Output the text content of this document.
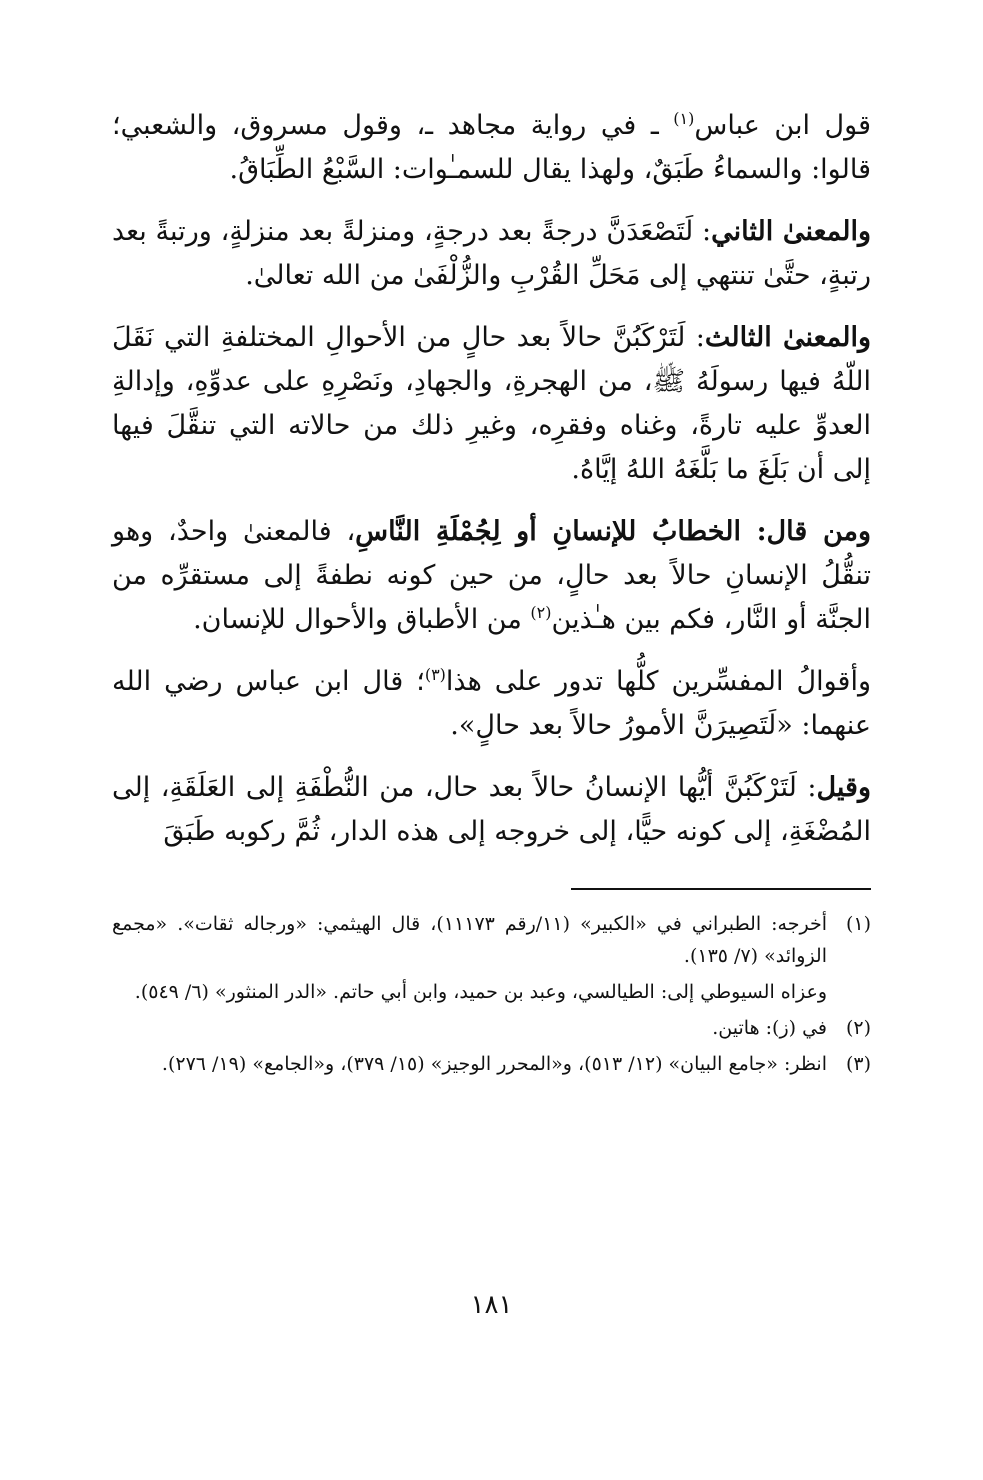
قول ابن عباس$^{(١)}$ ـ في رواية مجاهد ـ، وقول مسروق، والشعبي؛ قالوا: والسماءُ طَبَقٌ، ولهذا يقال للسمـٰوات: السَّبْعُ الطِّبَاقُ.

والمعنىٰ الثاني: لَتَصْعَدَنَّ درجةً بعد درجةٍ، ومنزلةً بعد منزلةٍ، ورتبةً بعد رتبةٍ، حتَّىٰ تنتهي إلى مَحَلِّ القُرْبِ والزُّلْفَىٰ من الله تعالىٰ.

والمعنىٰ الثالث: لَتَرْكَبُنَّ حالاً بعد حالٍ من الأحوالِ المختلفةِ التي نَقَلَ اللّهُ فيها رسولَهُ ﷺ، من الهجرةِ، والجهادِ، ونَصْرِهِ على عدوِّهِ، وإدالةِ العدوِّ عليه تارةً، وغناه وفقرِه، وغيرِ ذلك من حالاته التي تنقَّلَ فيها إلى أن بَلَغَ ما بَلَّغَهُ اللهُ إيَّاهُ.

ومن قال: الخطابُ للإنسانِ أو لِجُمْلَةِ النَّاسِ، فالمعنىٰ واحدٌ، وهو تنقُّلُ الإنسانِ حالاً بعد حالٍ، من حين كونه نطفةً إلى مستقرِّه من الجنَّة أو النَّار، فكم بين هـٰذين$^{(٢)}$ من الأطباق والأحوال للإنسان.

وأقوالُ المفسِّرين كلُّها تدور على هذا$^{(٣)}$؛ قال ابن عباس رضي الله عنهما: «لَتَصِيرَنَّ الأمورُ حالاً بعد حالٍ».

وقيل: لَتَرْكَبُنَّ أيُّها الإنسانُ حالاً بعد حال، من النُّطْفَةِ إلى العَلَقَةِ، إلى المُضْغَةِ، إلى كونه حيًّا، إلى خروجه إلى هذه الدار، ثُمَّ ركوبه طَبَقَ

(١)
أخرجه: الطبراني في «الكبير» (١١/رقم ١١١٧٣)، قال الهيثمي: «ورجاله ثقات». «مجمع الزوائد» (٧/ ١٣٥).
وعزاه السيوطي إلى: الطيالسي، وعبد بن حميد، وابن أبي حاتم. «الدر المنثور» (٦/ ٥٤٩).
(٢)
في (ز): هاتين.
(٣)
انظر: «جامع البيان» (١٢/ ٥١٣)، و«المحرر الوجيز» (١٥/ ٣٧٩)، و«الجامع» (١٩/ ٢٧٦).
١٨١
